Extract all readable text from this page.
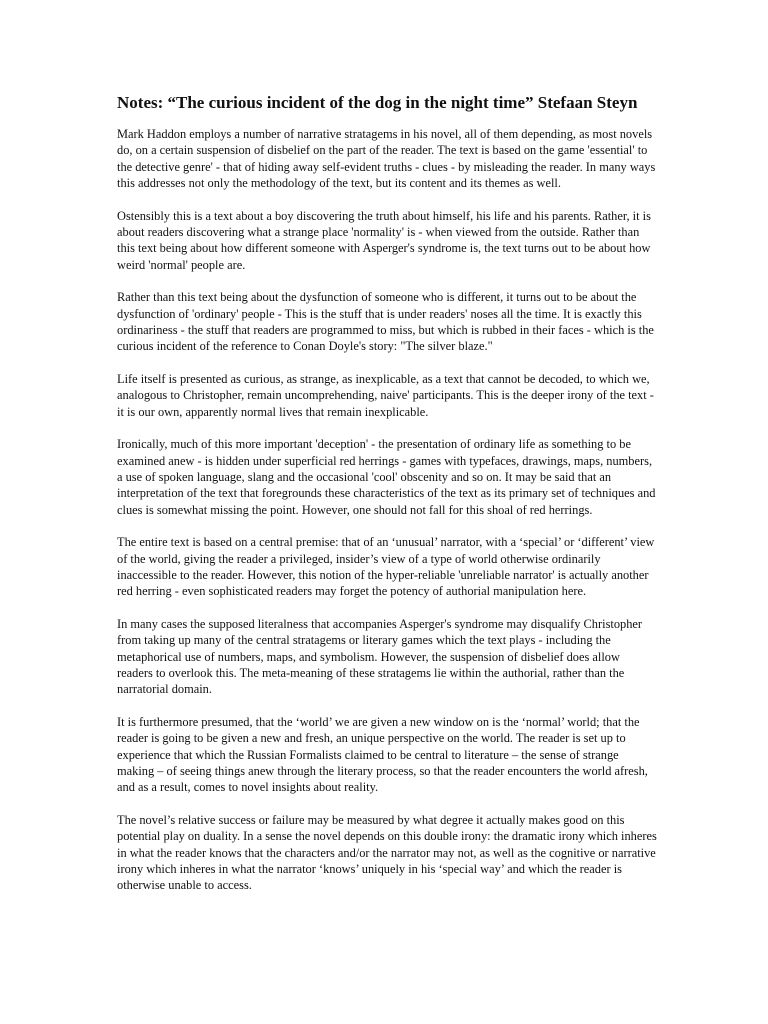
Notes: “The curious incident of the dog in the night time” Stefaan Steyn

Mark Haddon employs a number of narrative stratagems in his novel, all of them depending, as most novels do, on a certain suspension of disbelief on the part of the reader. The text is based on the game 'essential' to the detective genre' - that of hiding away self-evident truths - clues - by misleading the reader. In many ways this addresses not only the methodology of the text, but its content and its themes as well.

Ostensibly this is a text about a boy discovering the truth about himself, his life and his parents. Rather, it is about readers discovering what a strange place 'normality' is - when viewed from the outside. Rather than this text being about how different someone with Asperger's syndrome is, the text turns out to be about how weird 'normal' people are.

Rather than this text being about the dysfunction of someone who is different, it turns out to be about the dysfunction of 'ordinary' people - This is the stuff that is under readers' noses all the time. It is exactly this ordinariness - the stuff that readers are programmed to miss, but which is rubbed in their faces - which is the curious incident of the reference to Conan Doyle's story: "The silver blaze."

Life itself is presented as curious, as strange, as inexplicable, as a text that cannot be decoded, to which we, analogous to Christopher, remain uncomprehending, naive' participants. This is the deeper irony of the text - it is our own, apparently normal lives that remain inexplicable.

Ironically, much of this more important 'deception' - the presentation of ordinary life as something to be examined anew - is hidden under superficial red herrings - games with typefaces, drawings, maps, numbers, a use of spoken language, slang and the occasional 'cool' obscenity and so on. It may be said that an interpretation of the text that foregrounds these characteristics of the text as its primary set of techniques and clues is somewhat missing the point. However, one should not fall for this shoal of red herrings.

The entire text is based on a central premise: that of an ‘unusual’ narrator, with a ‘special’ or ‘different’ view of the world, giving the reader a privileged, insider’s view of a type of world otherwise ordinarily inaccessible to the reader. However, this notion of the hyper-reliable 'unreliable narrator' is actually another red herring - even sophisticated readers may forget the potency of authorial manipulation here.

In many cases the supposed literalness that accompanies Asperger's syndrome may disqualify Christopher from taking up many of the central stratagems or literary games which the text plays - including the metaphorical use of numbers, maps, and symbolism. However, the suspension of disbelief does allow readers to overlook this. The meta-meaning of these stratagems lie within the authorial, rather than the narratorial domain.

It is furthermore presumed, that the ‘world’ we are given a new window on is the ‘normal’ world; that the reader is going to be given a new and fresh, an unique perspective on the world. The reader is set up to experience that which the Russian Formalists claimed to be central to literature – the sense of strange making – of seeing things anew through the literary process, so that the reader encounters the world afresh, and as a result, comes to novel insights about reality.

The novel’s relative success or failure may be measured by what degree it actually makes good on this potential play on duality. In a sense the novel depends on this double irony: the dramatic irony which inheres in what the reader knows that the characters and/or the narrator may not, as well as the cognitive or narrative irony which inheres in what the narrator ‘knows’ uniquely in his ‘special way’ and which the reader is otherwise unable to access.
